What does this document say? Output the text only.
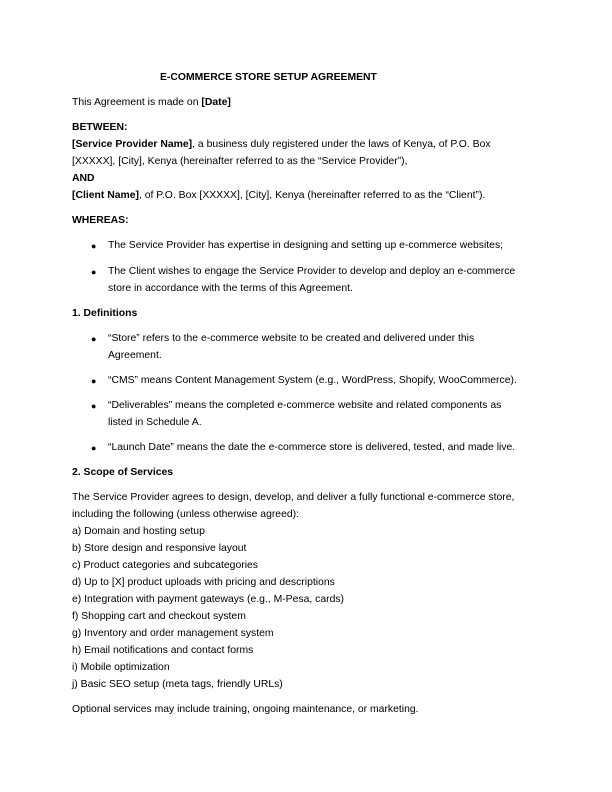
E-COMMERCE STORE SETUP AGREEMENT
This Agreement is made on [Date]
BETWEEN:
[Service Provider Name], a business duly registered under the laws of Kenya, of P.O. Box
[XXXXX], [City], Kenya (hereinafter referred to as the “Service Provider”),
AND
[Client Name], of P.O. Box [XXXXX], [City], Kenya (hereinafter referred to as the “Client”).
WHEREAS:
● The Service Provider has expertise in designing and setting up e-commerce websites;
● The Client wishes to engage the Service Provider to develop and deploy an e-commerce
store in accordance with the terms of this Agreement.
1. Definitions
● “Store” refers to the e-commerce website to be created and delivered under this
Agreement.
● “CMS” means Content Management System (e.g., WordPress, Shopify, WooCommerce).
● “Deliverables” means the completed e-commerce website and related components as
listed in Schedule A.
● “Launch Date” means the date the e-commerce store is delivered, tested, and made live.
2. Scope of Services
The Service Provider agrees to design, develop, and deliver a fully functional e-commerce store,
including the following (unless otherwise agreed):
a) Domain and hosting setup
b) Store design and responsive layout
c) Product categories and subcategories
d) Up to [X] product uploads with pricing and descriptions
e) Integration with payment gateways (e.g., M-Pesa, cards)
f) Shopping cart and checkout system
g) Inventory and order management system
h) Email notifications and contact forms
i) Mobile optimization
j) Basic SEO setup (meta tags, friendly URLs)
Optional services may include training, ongoing maintenance, or marketing.
